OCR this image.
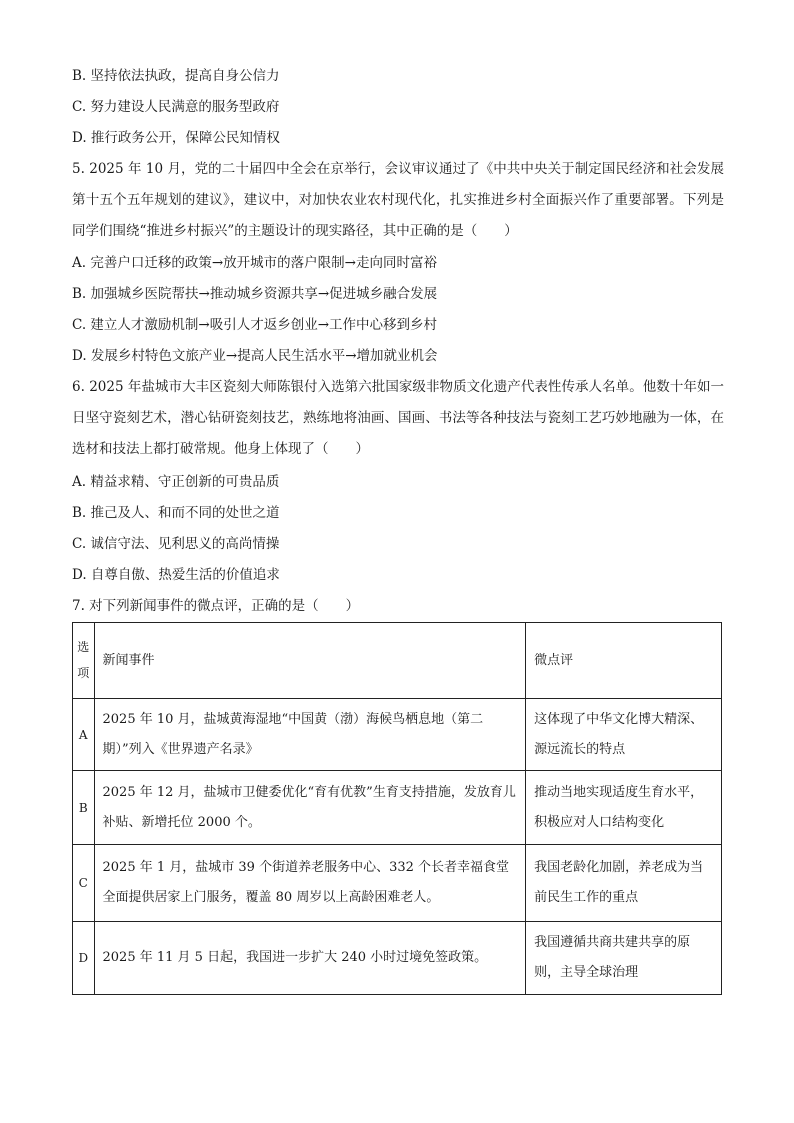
B. 坚持依法执政，提高自身公信力
C. 努力建设人民满意的服务型政府
D. 推行政务公开，保障公民知情权
5. 2025 年 10 月，党的二十届四中全会在京举行，会议审议通过了《中共中央关于制定国民经济和社会发展第十五个五年规划的建议》，建议中，对加快农业农村现代化，扎实推进乡村全面振兴作了重要部署。下列是同学们围绕“推进乡村振兴”的主题设计的现实路径，其中正确的是（　　）
A. 完善户口迁移的政策→放开城市的落户限制→走向同时富裕
B. 加强城乡医院帮扶→推动城乡资源共享→促进城乡融合发展
C. 建立人才激励机制→吸引人才返乡创业→工作中心移到乡村
D. 发展乡村特色文旅产业→提高人民生活水平→增加就业机会
6. 2025 年盐城市大丰区瓷刻大师陈银付入选第六批国家级非物质文化遗产代表性传承人名单。他数十年如一日坚守瓷刻艺术，潜心钻研瓷刻技艺，熟练地将油画、国画、书法等各种技法与瓷刻工艺巧妙地融为一体，在选材和技法上都打破常规。他身上体现了（　　）
A. 精益求精、守正创新的可贵品质
B. 推己及人、和而不同的处世之道
C. 诚信守法、见利思义的高尚情操
D. 自尊自傲、热爱生活的价值追求
7. 对下列新闻事件的微点评，正确的是（　　）
选项	新闻事件	微点评
A	2025 年 10 月，盐城黄海湿地“中国黄（渤）海候鸟栖息地（第二期）”列入《世界遗产名录》	这体现了中华文化博大精深、源远流长的特点
B	2025 年 12 月，盐城市卫健委优化“育有优教”生育支持措施，发放育儿补贴、新增托位 2000 个。	推动当地实现适度生育水平，积极应对人口结构变化
C	2025 年 1 月，盐城市 39 个街道养老服务中心、332 个长者幸福食堂全面提供居家上门服务，覆盖 80 周岁以上高龄困难老人。	我国老龄化加剧，养老成为当前民生工作的重点
D	2025 年 11 月 5 日起，我国进一步扩大 240 小时过境免签政策。	我国遵循共商共建共享的原则，主导全球治理
